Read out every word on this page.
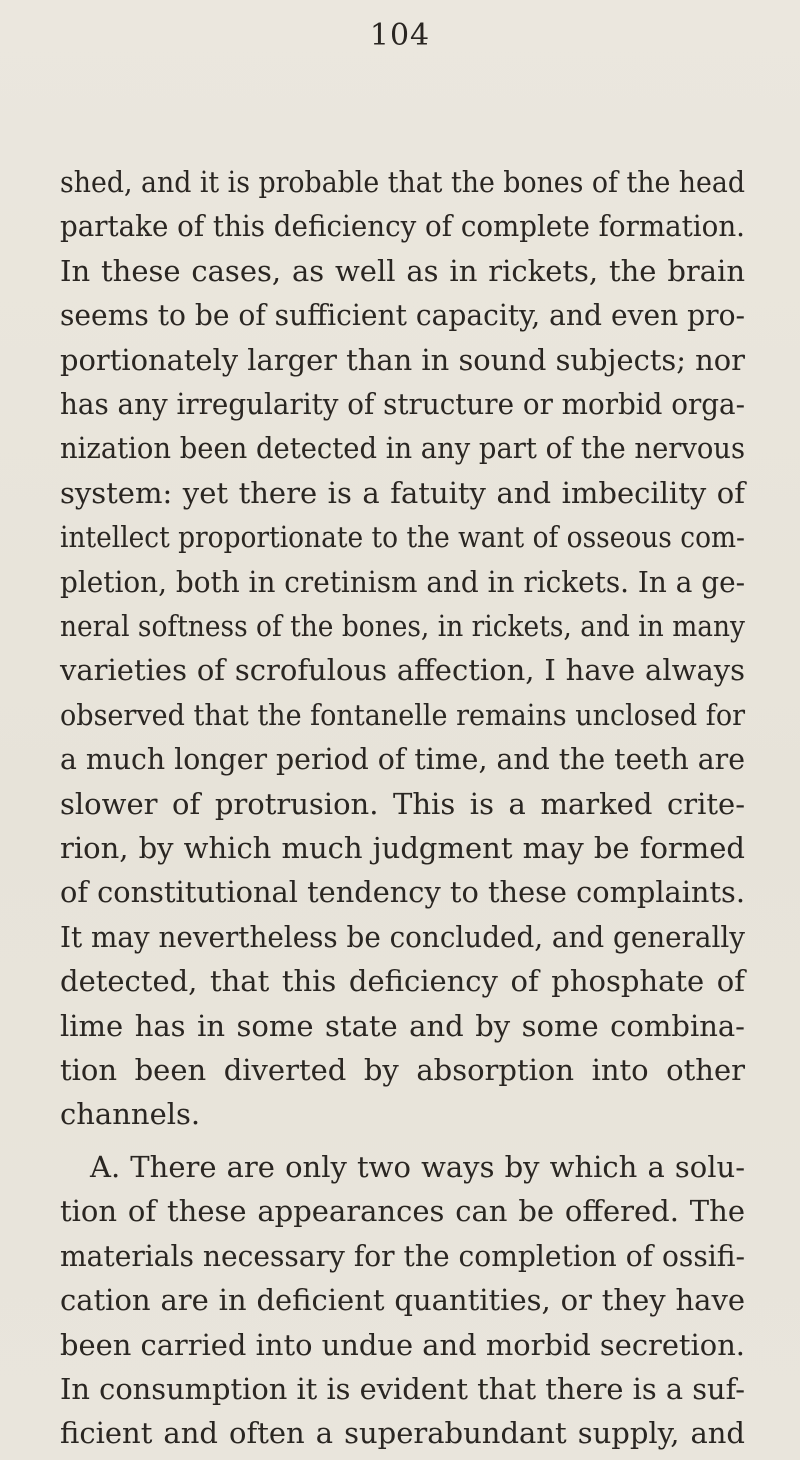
104
shed, and it is probable that the bones of the head
partake of this deficiency of complete formation.
In these cases, as well as in rickets, the brain
seems to be of sufficient capacity, and even pro-
portionately larger than in sound subjects; nor
has any irregularity of structure or morbid orga-
nization been detected in any part of the nervous
system: yet there is a fatuity and imbecility of
intellect proportionate to the want of osseous com-
pletion, both in cretinism and in rickets. In a ge-
neral softness of the bones, in rickets, and in many
varieties of scrofulous affection, I have always
observed that the fontanelle remains unclosed for
a much longer period of time, and the teeth are
slower of protrusion. This is a marked crite-
rion, by which much judgment may be formed
of constitutional tendency to these complaints.
It may nevertheless be concluded, and generally
detected, that this deficiency of phosphate of
lime has in some state and by some combina-
tion been diverted by absorption into other
channels.
A. There are only two ways by which a solu-
tion of these appearances can be offered. The
materials necessary for the completion of ossifi-
cation are in deficient quantities, or they have
been carried into undue and morbid secretion.
In consumption it is evident that there is a suf-
ficient and often a superabundant supply, and
